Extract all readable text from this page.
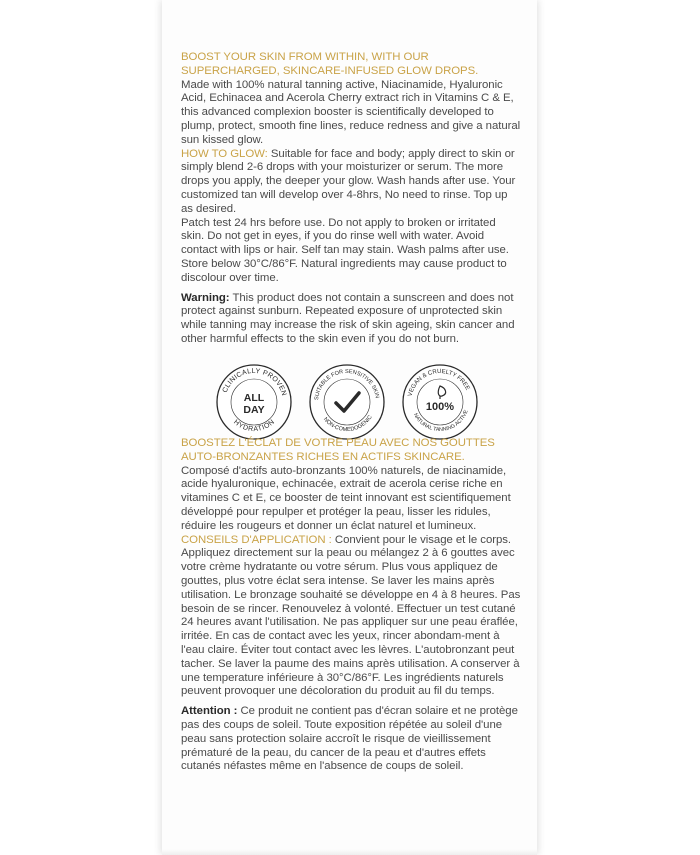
BOOST YOUR SKIN FROM WITHIN, WITH OUR
SUPERCHARGED, SKINCARE-INFUSED GLOW DROPS.

Made with 100% natural tanning active, Niacinamide, Hyaluronic Acid, Echinacea and Acerola Cherry extract rich in Vitamins C & E, this advanced complexion booster is scientifically developed to plump, protect, smooth fine lines, reduce redness and give a natural sun kissed glow.

HOW TO GLOW: Suitable for face and body; apply direct to skin or simply blend 2-6 drops with your moisturizer or serum. The more drops you apply, the deeper your glow. Wash hands after use. Your customized tan will develop over 4-8hrs, No need to rinse. Top up as desired.

Patch test 24 hrs before use. Do not apply to broken or irritated skin. Do not get in eyes, if you do rinse well with water. Avoid contact with lips or hair. Self tan may stain. Wash palms after use. Store below 30°C/86°F. Natural ingredients may cause product to discolour over time.

Warning: This product does not contain a sunscreen and does not protect against sunburn. Repeated exposure of unprotected skin while tanning may increase the risk of skin ageing, skin cancer and other harmful effects to the skin even if you do not burn.

CLINICALLY PROVEN
HYDRATION
ALL
DAY
SUITABLE FOR SENSITIVE SKIN
NON-COMEDOGENIC
VEGAN & CRUELTY FREE
NATURAL TANNING ACTIVE
100%

BOOSTEZ L'ÉCLAT DE VOTRE PEAU AVEC NOS GOUTTES
AUTO-BRONZANTES RICHES EN ACTIFS SKINCARE.

Composé d'actifs auto-bronzants 100% naturels, de niacinamide, acide hyaluronique, echinacée, extrait de acerola cerise riche en vitamines C et E, ce booster de teint innovant est scientifiquement développé pour repulper et protéger la peau, lisser les ridules, réduire les rougeurs et donner un éclat naturel et lumineux.

CONSEILS D'APPLICATION : Convient pour le visage et le corps. Appliquez directement sur la peau ou mélangez 2 à 6 gouttes avec votre crème hydratante ou votre sérum. Plus vous appliquez de gouttes, plus votre éclat sera intense. Se laver les mains après utilisation. Le bronzage souhaité se développe en 4 à 8 heures. Pas besoin de se rincer. Renouvelez à volonté. Effectuer un test cutané 24 heures avant l'utilisation. Ne pas appliquer sur une peau éraflée, irritée. En cas de contact avec les yeux, rincer abondam-ment à l'eau claire. Éviter tout contact avec les lèvres. L'autobronzant peut tacher. Se laver la paume des mains après utilisation. A conserver à une temperature inférieure à 30°C/86°F. Les ingrédients naturels peuvent provoquer une décoloration du produit au fil du temps.

Attention : Ce produit ne contient pas d'écran solaire et ne protège pas des coups de soleil. Toute exposition répétée au soleil d'une peau sans protection solaire accroît le risque de vieillissement prématuré de la peau, du cancer de la peau et d'autres effets cutanés néfastes même en l'absence de coups de soleil.
